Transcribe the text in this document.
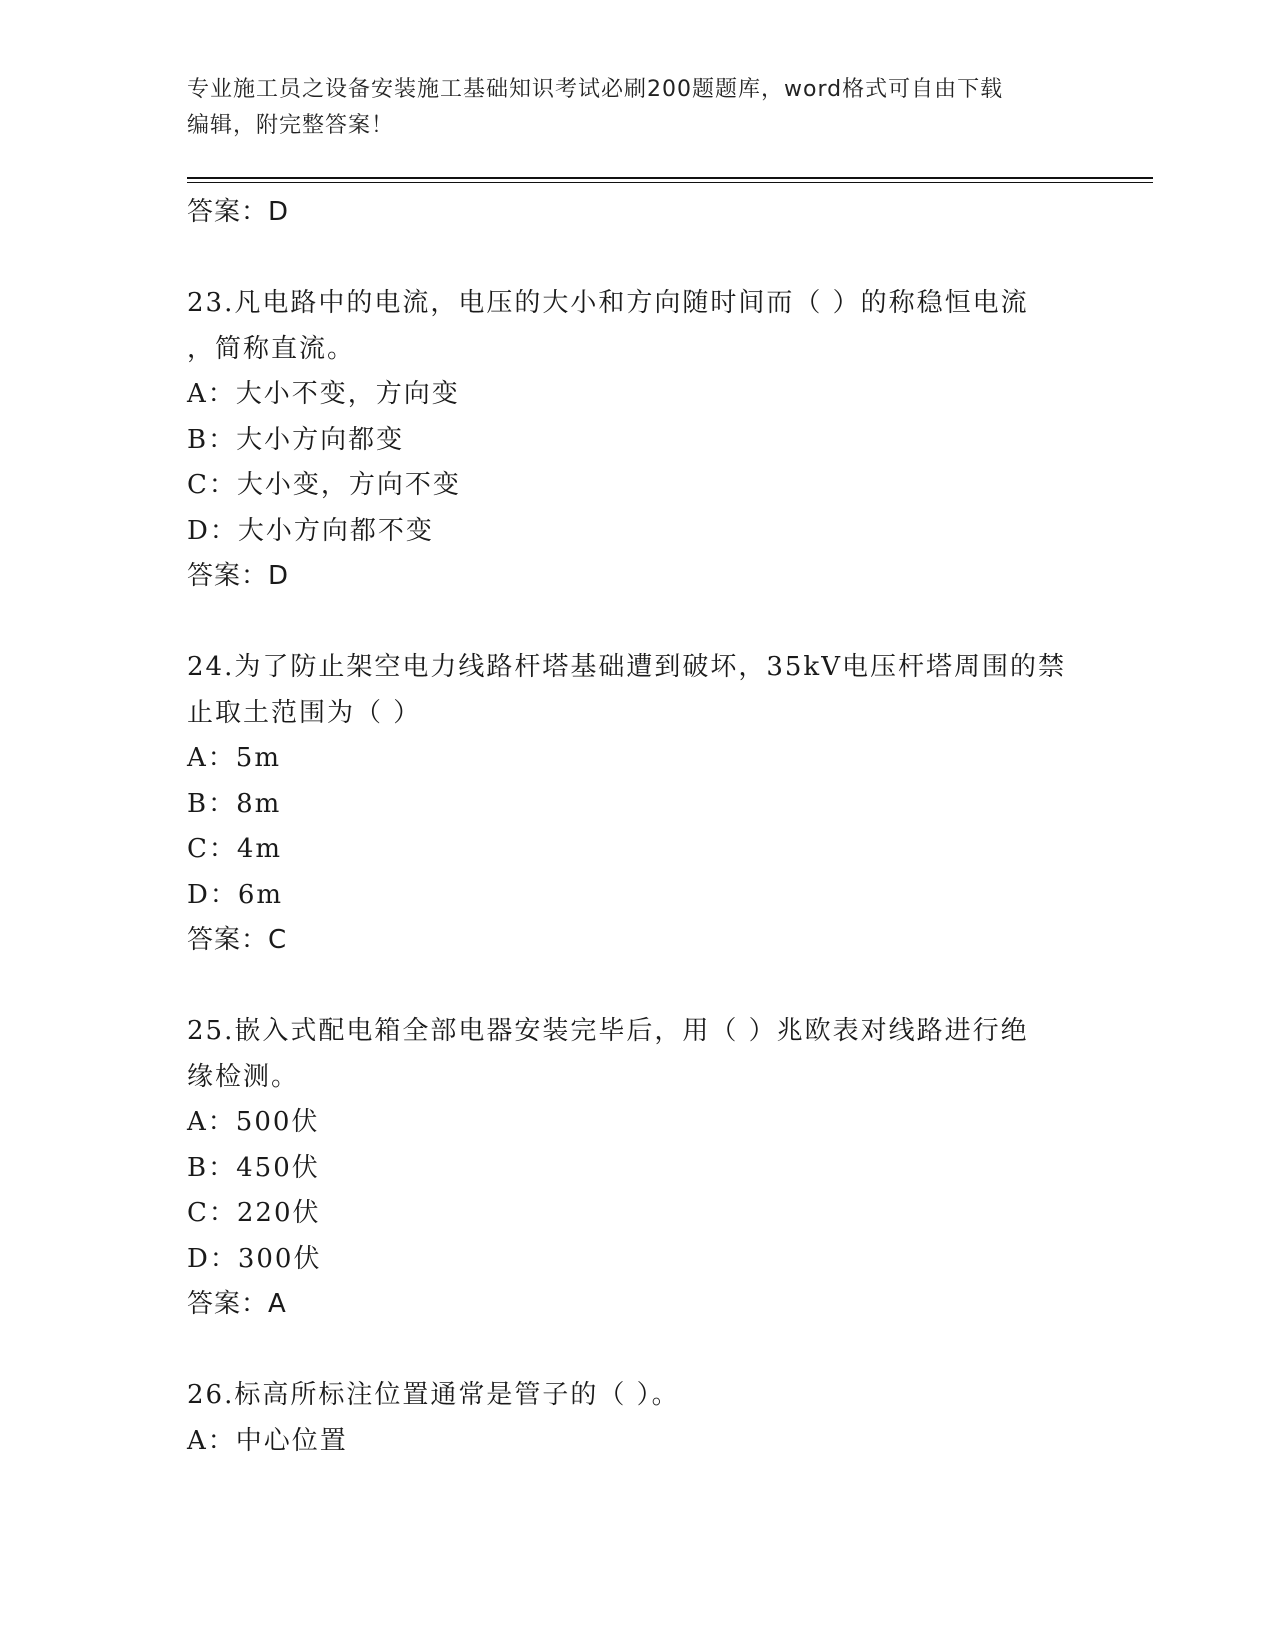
专业施工员之设备安装施工基础知识考试必刷200题题库，word格式可自由下载
编辑，附完整答案！
答案：D
23.凡电路中的电流，电压的大小和方向随时间而（ ）的称稳恒电流
，简称直流。
A：大小不变，方向变
B：大小方向都变
C：大小变，方向不变
D：大小方向都不变
答案：D
24.为了防止架空电力线路杆塔基础遭到破坏，35kV电压杆塔周围的禁
止取土范围为（ ）
A：5m
B：8m
C：4m
D：6m
答案：C
25.嵌入式配电箱全部电器安装完毕后，用（ ）兆欧表对线路进行绝
缘检测。
A：500伏
B：450伏
C：220伏
D：300伏
答案：A
26.标高所标注位置通常是管子的（ ）。
A：中心位置
